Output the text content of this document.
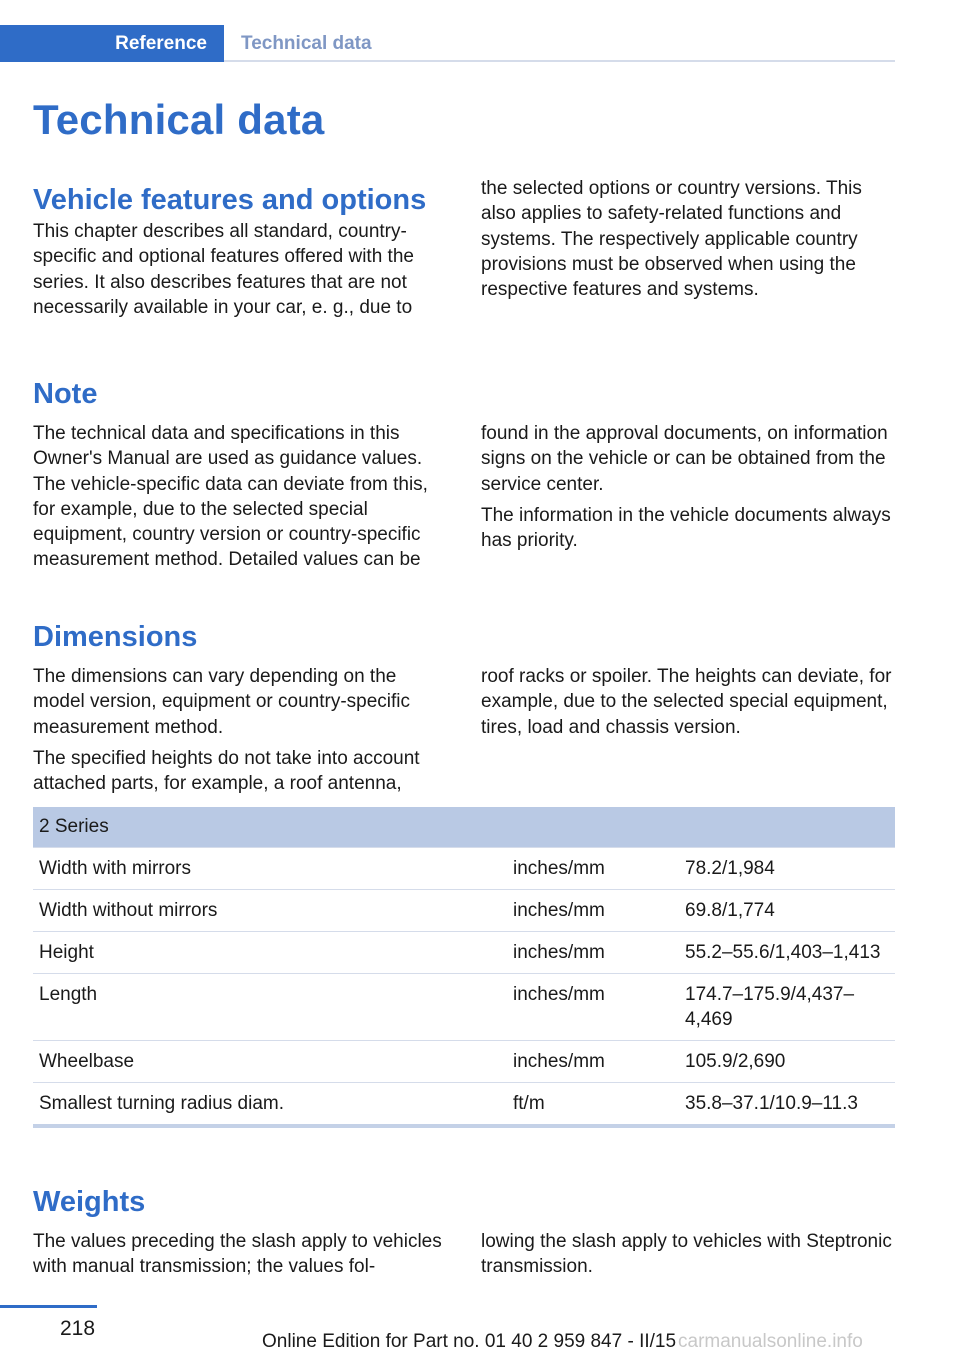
Reference	Technical data
Technical data
Vehicle features and options

This chapter describes all standard, country-specific and optional features offered with the series. It also describes features that are not necessarily available in your car, e. g., due to

the selected options or country versions. This also applies to safety-related functions and systems. The respectively applicable country provisions must be observed when using the respective features and systems.

Note

The technical data and specifications in this Owner's Manual are used as guidance values. The vehicle-specific data can deviate from this, for example, due to the selected special equipment, country version or country-specific measurement method. Detailed values can be

found in the approval documents, on information signs on the vehicle or can be obtained from the service center.

The information in the vehicle documents always has priority.

Dimensions

The dimensions can vary depending on the model version, equipment or country-specific measurement method.

The specified heights do not take into account attached parts, for example, a roof antenna,

roof racks or spoiler. The heights can deviate, for example, due to the selected special equipment, tires, load and chassis version.

2 Series		
Width with mirrors	inches/mm	78.2/1,984
Width without mirrors	inches/mm	69.8/1,774
Height	inches/mm	55.2–55.6/1,403–1,413
Length	inches/mm	174.7–175.9/4,437–4,469
Wheelbase	inches/mm	105.9/2,690
Smallest turning radius diam.	ft/m	35.8–37.1/10.9–11.3
Weights

The values preceding the slash apply to vehicles with manual transmission; the values fol-

lowing the slash apply to vehicles with Steptronic transmission.

218
Online Edition for Part no. 01 40 2 959 847 - II/15 carmanualsonline.info
